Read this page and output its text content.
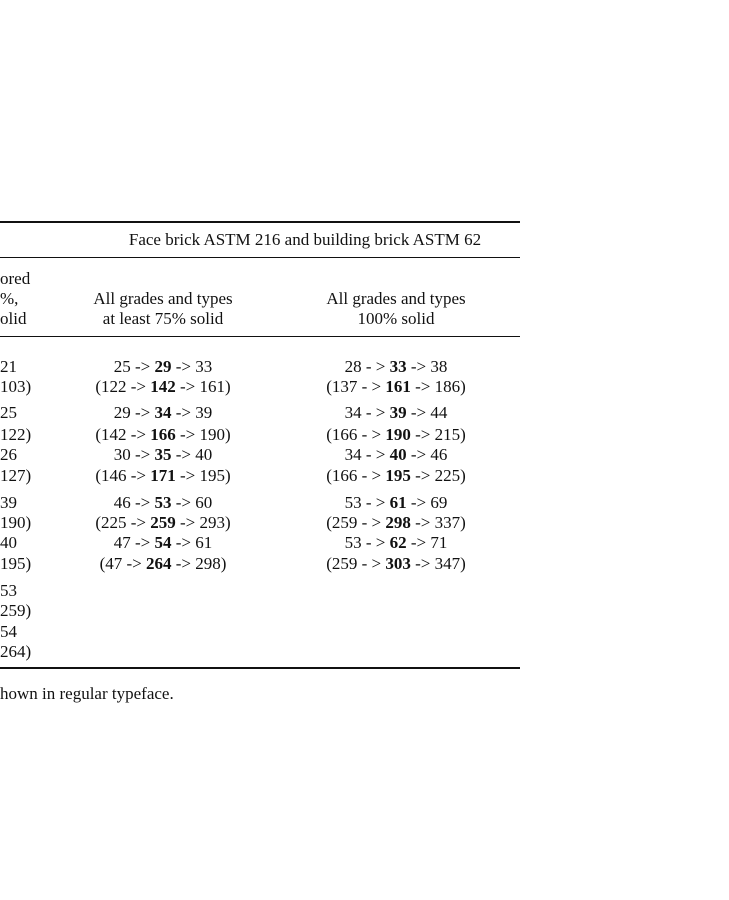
Face brick ASTM 216 and building brick ASTM 62
ored
%,
olid
All grades and types
at least 75% solid
All grades and types
100% solid
21
103)
25
122)
26
127)
39
190)
40
195)
53
259)
54
264)
25 -> 29 -> 33
(122 -> 142 -> 161)
29 -> 34 -> 39
(142 -> 166 -> 190)
30 -> 35 -> 40
(146 -> 171 -> 195)
46 -> 53 -> 60
(225 -> 259 -> 293)
47 -> 54 -> 61
(47 -> 264 -> 298)
28 - > 33 -> 38
(137 - > 161 -> 186)
34 - > 39 -> 44
(166 - > 190 -> 215)
34 - > 40 -> 46
(166 - > 195 -> 225)
53 - > 61 -> 69
(259 - > 298 -> 337)
53 - > 62 -> 71
(259 - > 303 -> 347)
hown in regular typeface.
